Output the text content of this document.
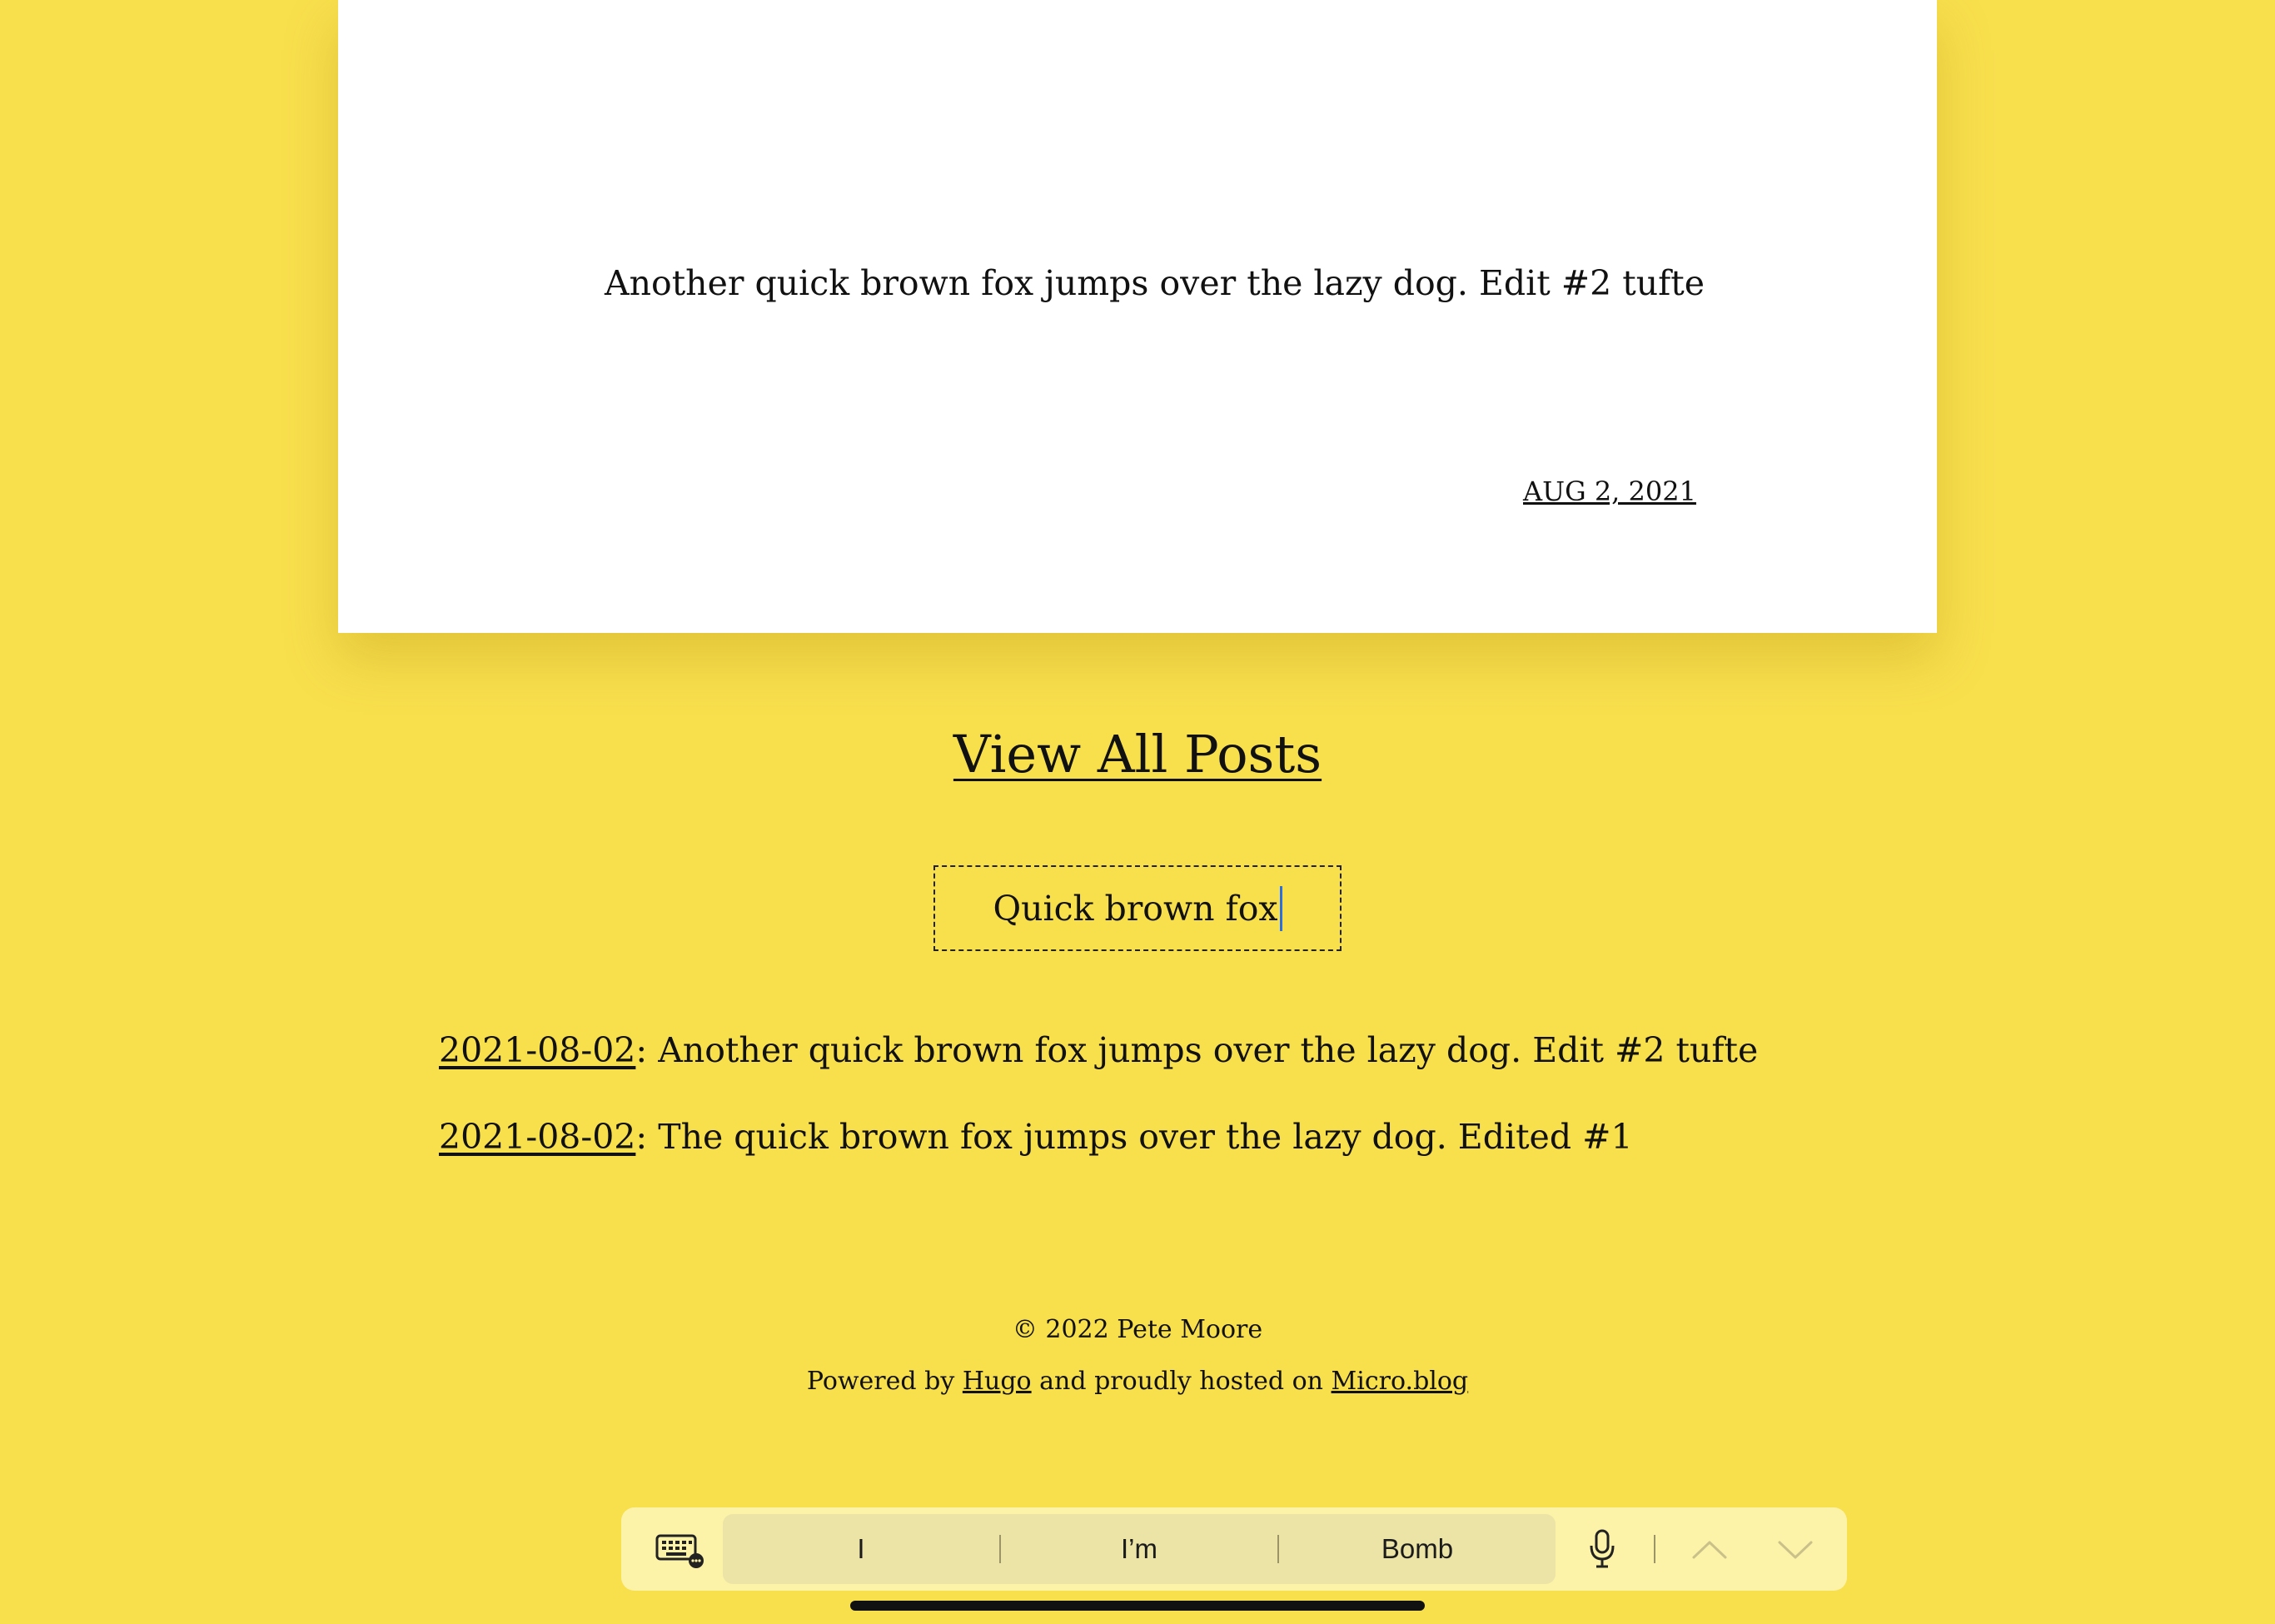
Another quick brown fox jumps over the lazy dog. Edit #2 tufte

AUG 2, 2021
View All Posts
Quick brown fox
2021-08-02: Another quick brown fox jumps over the lazy dog. Edit #2 tufte
2021-08-02: The quick brown fox jumps over the lazy dog. Edited #1
© 2022 Pete Moore
Powered by Hugo and proudly hosted on Micro.blog
I	I’m	Bomb
